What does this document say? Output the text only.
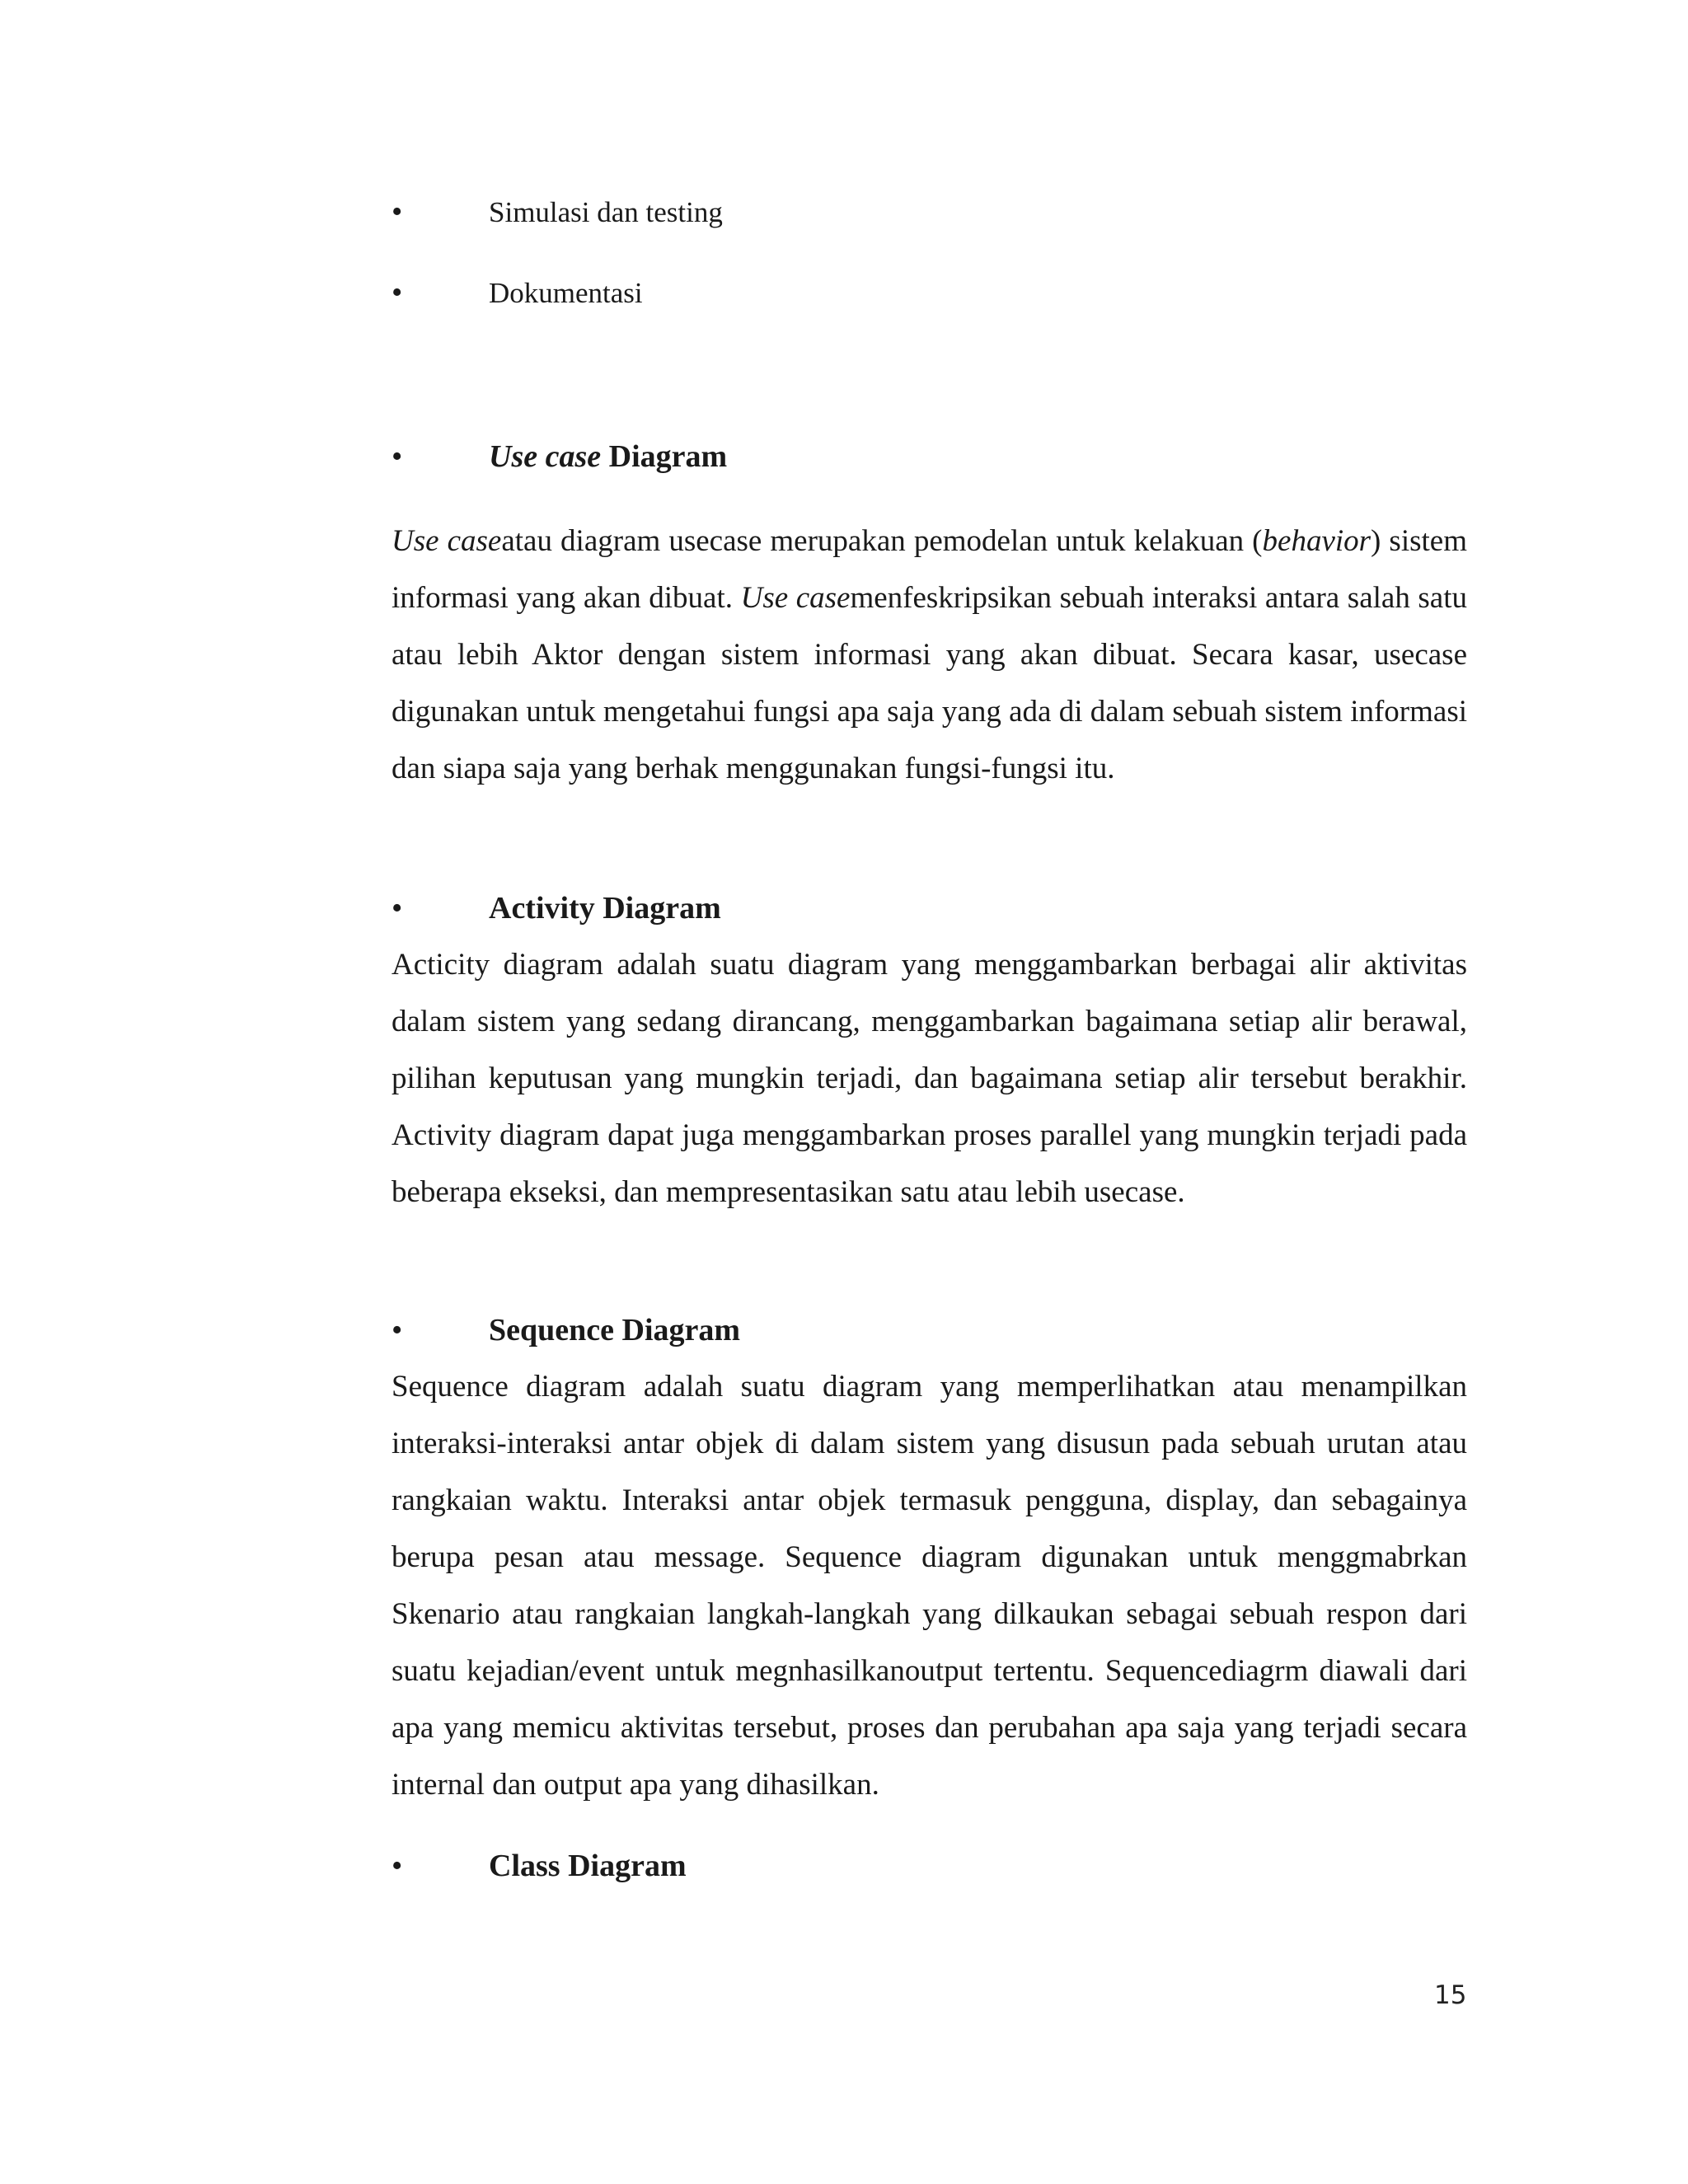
•	Simulasi dan testing
•	Dokumentasi
•	Use case Diagram

Use caseatau diagram usecase merupakan pemodelan untuk kelakuan (behavior) sistem informasi yang akan dibuat. Use casemenfeskripsikan sebuah interaksi antara salah satu atau lebih Aktor dengan sistem informasi yang akan dibuat. Secara kasar, usecase digunakan untuk mengetahui fungsi apa saja yang ada di dalam sebuah sistem informasi dan siapa saja yang berhak menggunakan fungsi-fungsi itu.

•	Activity Diagram

Acticity diagram adalah suatu diagram yang menggambarkan berbagai alir aktivitas dalam sistem yang sedang dirancang, menggambarkan bagaimana setiap alir berawal, pilihan keputusan yang mungkin terjadi, dan bagaimana setiap alir tersebut berakhir. Activity diagram dapat juga menggambarkan proses parallel yang mungkin terjadi pada beberapa ekseksi, dan mempresentasikan satu atau lebih usecase.

•	Sequence Diagram

Sequence diagram adalah suatu diagram yang memperlihatkan atau menampilkan interaksi-interaksi antar objek di dalam sistem yang disusun pada sebuah urutan atau rangkaian waktu. Interaksi antar objek termasuk pengguna, display, dan sebagainya berupa pesan atau message. Sequence diagram digunakan untuk menggmabrkan Skenario atau rangkaian langkah-langkah yang dilkaukan sebagai sebuah respon dari suatu kejadian/event untuk megnhasilkanoutput tertentu. Sequencediagrm diawali dari apa yang memicu aktivitas tersebut, proses dan perubahan apa saja yang terjadi secara internal dan output apa yang dihasilkan.

•	Class Diagram
15
